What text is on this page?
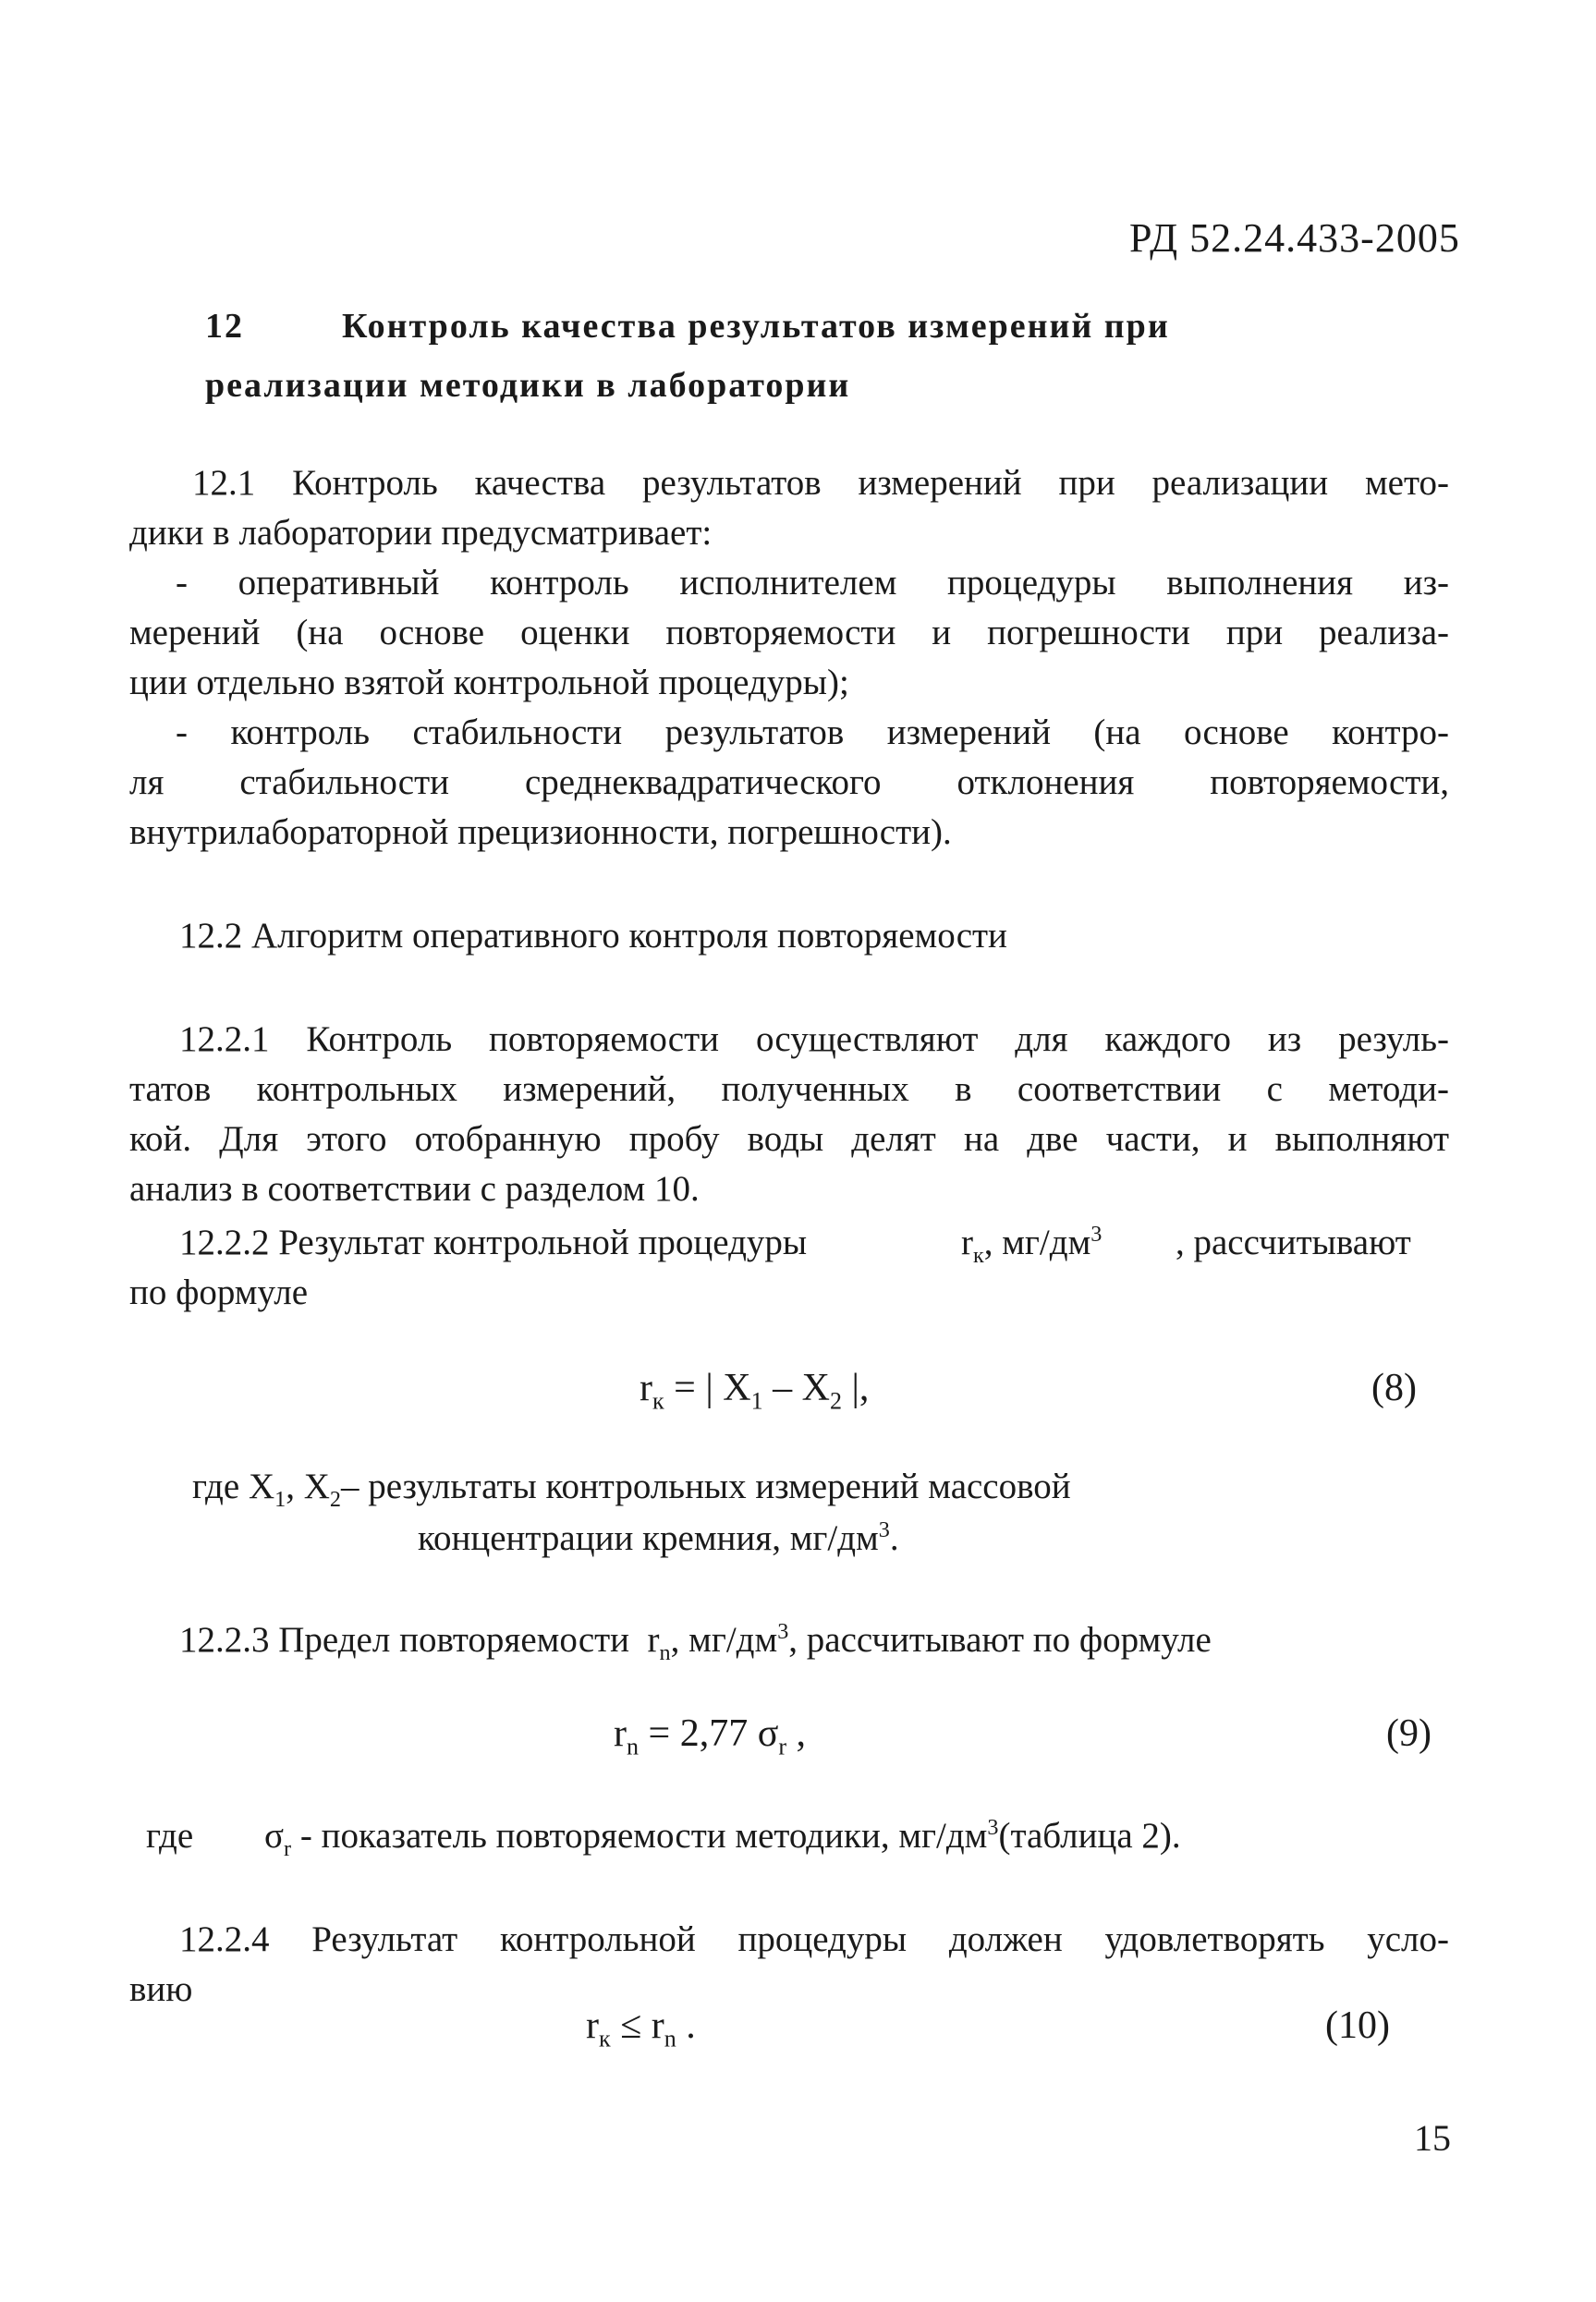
РД 52.24.433-2005
12	Контроль качества результатов измерений при
реализации методики в лаборатории
12.1 Контроль качества результатов измерений при реализации мето-
дики в лаборатории предусматривает:
- оперативный контроль исполнителем процедуры выполнения из-
мерений (на основе оценки повторяемости и погрешности при реализа-
ции отдельно взятой контрольной процедуры);
- контроль стабильности результатов измерений (на основе контро-
ля стабильности среднеквадратического отклонения повторяемости,
внутрилабораторной прецизионности, погрешности).
12.2 Алгоритм оперативного контроля повторяемости
12.2.1 Контроль повторяемости осуществляют для каждого из резуль-
татов контрольных измерений, полученных в соответствии с методи-
кой. Для этого отобранную пробу воды делят на две части, и выполняют
анализ в соответствии с разделом 10.
12.2.2 Результат контрольной процедуры	$r_к$, $мг/дм^3$ , рассчитывают
по формуле
$r_к$ = | $X_1 - X_2$ |,	(8)
где $X_1$, $X_2-$ результаты контрольных измерений массовой
концентрации кремния, $мг/дм^3$.
12.2.3 Предел повторяемости $r_n$, $мг/дм^3$, рассчитывают по формуле
$r_n = 2,77$ $\sigma_r$ ,	(9)
где $\sigma_r$ - показатель повторяемости методики, $мг/дм^3(таблица$ 2).
12.2.4 Результат контрольной процедуры должен удовлетворять усло-
вию
$r_к \le r_n$ .	(10)
15
